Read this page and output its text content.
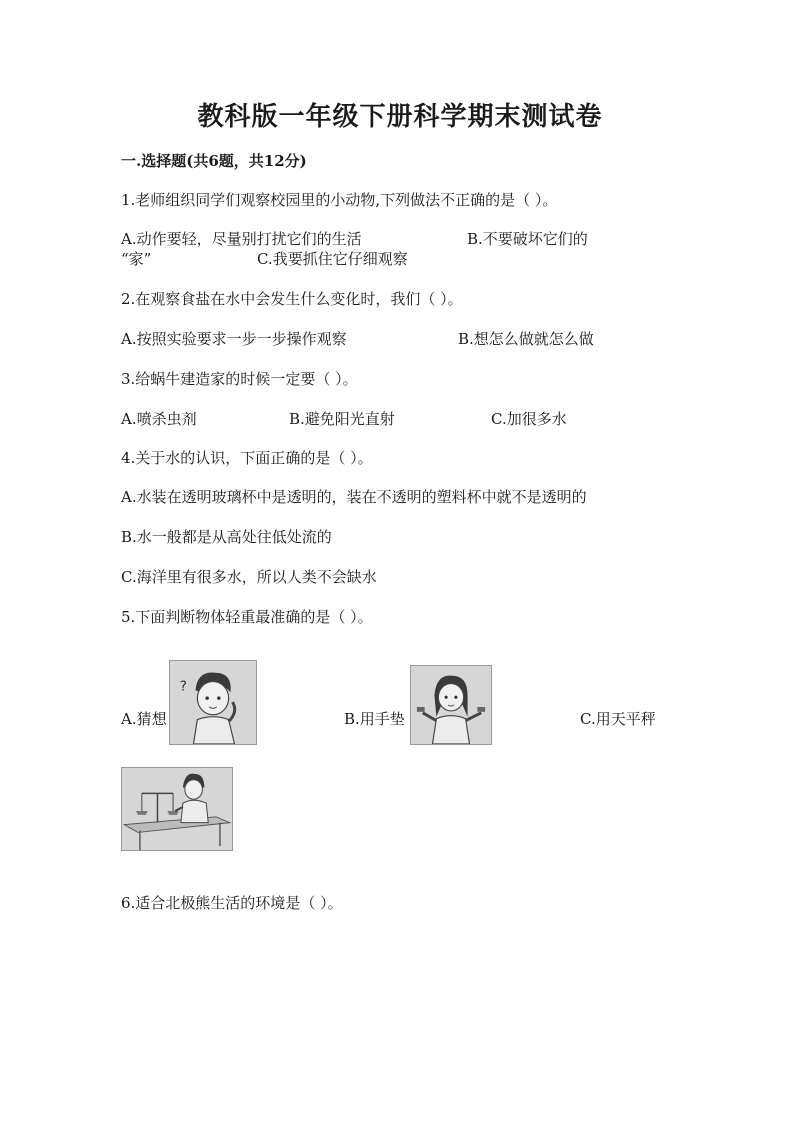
教科版一年级下册科学期末测试卷
一.选择题(共6题，共12分)
1.老师组织同学们观察校园里的小动物,下列做法不正确的是（ ）。
A.动作要轻，尽量别打扰它们的生活	B.不要破坏它们的
“家”	C.我要抓住它仔细观察
2.在观察食盐在水中会发生什么变化时，我们（ ）。
A.按照实验要求一步一步操作观察	B.想怎么做就怎么做
3.给蜗牛建造家的时候一定要（ ）。
A.喷杀虫剂	B.避免阳光直射	C.加很多水
4.关于水的认识，下面正确的是（ ）。
A.水装在透明玻璃杯中是透明的，装在不透明的塑料杯中就不是透明的
B.水一般都是从高处往低处流的
C.海洋里有很多水，所以人类不会缺水
5.下面判断物体轻重最准确的是（ ）。
A.猜想
?
B.用手垫	C.用天平秤
6.适合北极熊生活的环境是（ ）。
